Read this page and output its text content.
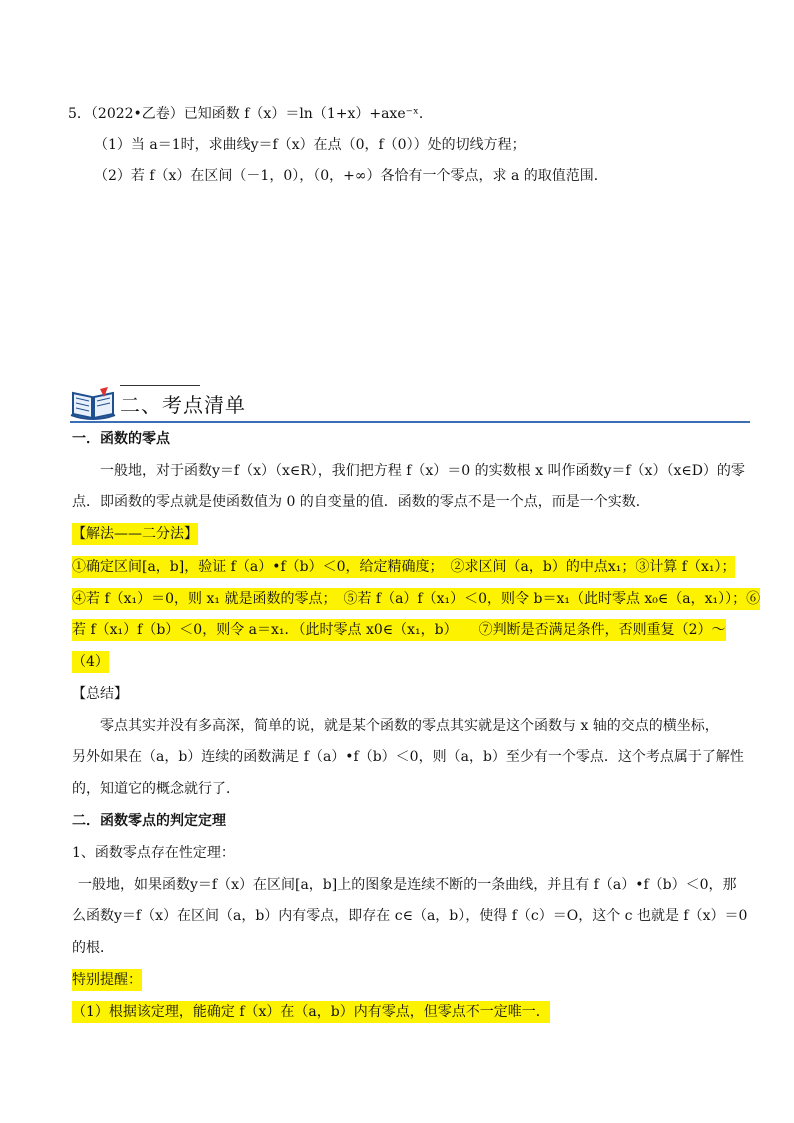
5．（2022•乙卷）已知函数 f（x）＝ln（1+x）+axe⁻ˣ．
（1）当 a＝1时，求曲线y＝f（x）在点（0，f（0））处的切线方程；
（2）若 f（x）在区间（－1，0），（0，+∞）各恰有一个零点，求 a 的取值范围．
二、考点清单
一．函数的零点
一般地，对于函数y＝f（x）（x∈R），我们把方程 f（x）＝0 的实数根 x 叫作函数y＝f（x）（x∈D）的零
点．即函数的零点就是使函数值为 0 的自变量的值．函数的零点不是一个点，而是一个实数．
【解法——二分法】
①确定区间[a，b]，验证 f（a）•f（b）＜0，给定精确度；　②求区间（a，b）的中点x₁；③计算 f（x₁）；
④若 f（x₁）＝0，则 x₁ 就是函数的零点；　⑤若 f（a）f（x₁）＜0，则令 b＝x₁（此时零点 x₀∈（a，x₁））；⑥
若 f（x₁）f（b）＜0，则令 a＝x₁．（此时零点 x0∈（x₁，b）　　⑦判断是否满足条件，否则重复（2）～
（4）
【总结】
零点其实并没有多高深，简单的说，就是某个函数的零点其实就是这个函数与 x 轴的交点的横坐标，
另外如果在（a，b）连续的函数满足 f（a）•f（b）＜0，则（a，b）至少有一个零点．这个考点属于了解性
的，知道它的概念就行了．
二．函数零点的判定定理
1、函数零点存在性定理：
一般地，如果函数y＝f（x）在区间[a，b]上的图象是连续不断的一条曲线，并且有 f（a）•f（b）＜0，那
么函数y＝f（x）在区间（a，b）内有零点，即存在 c∈（a，b），使得 f（c）＝O，这个 c 也就是 f（x）＝0
的根．
特别提醒：
（1）根据该定理，能确定 f（x）在（a，b）内有零点，但零点不一定唯一．
